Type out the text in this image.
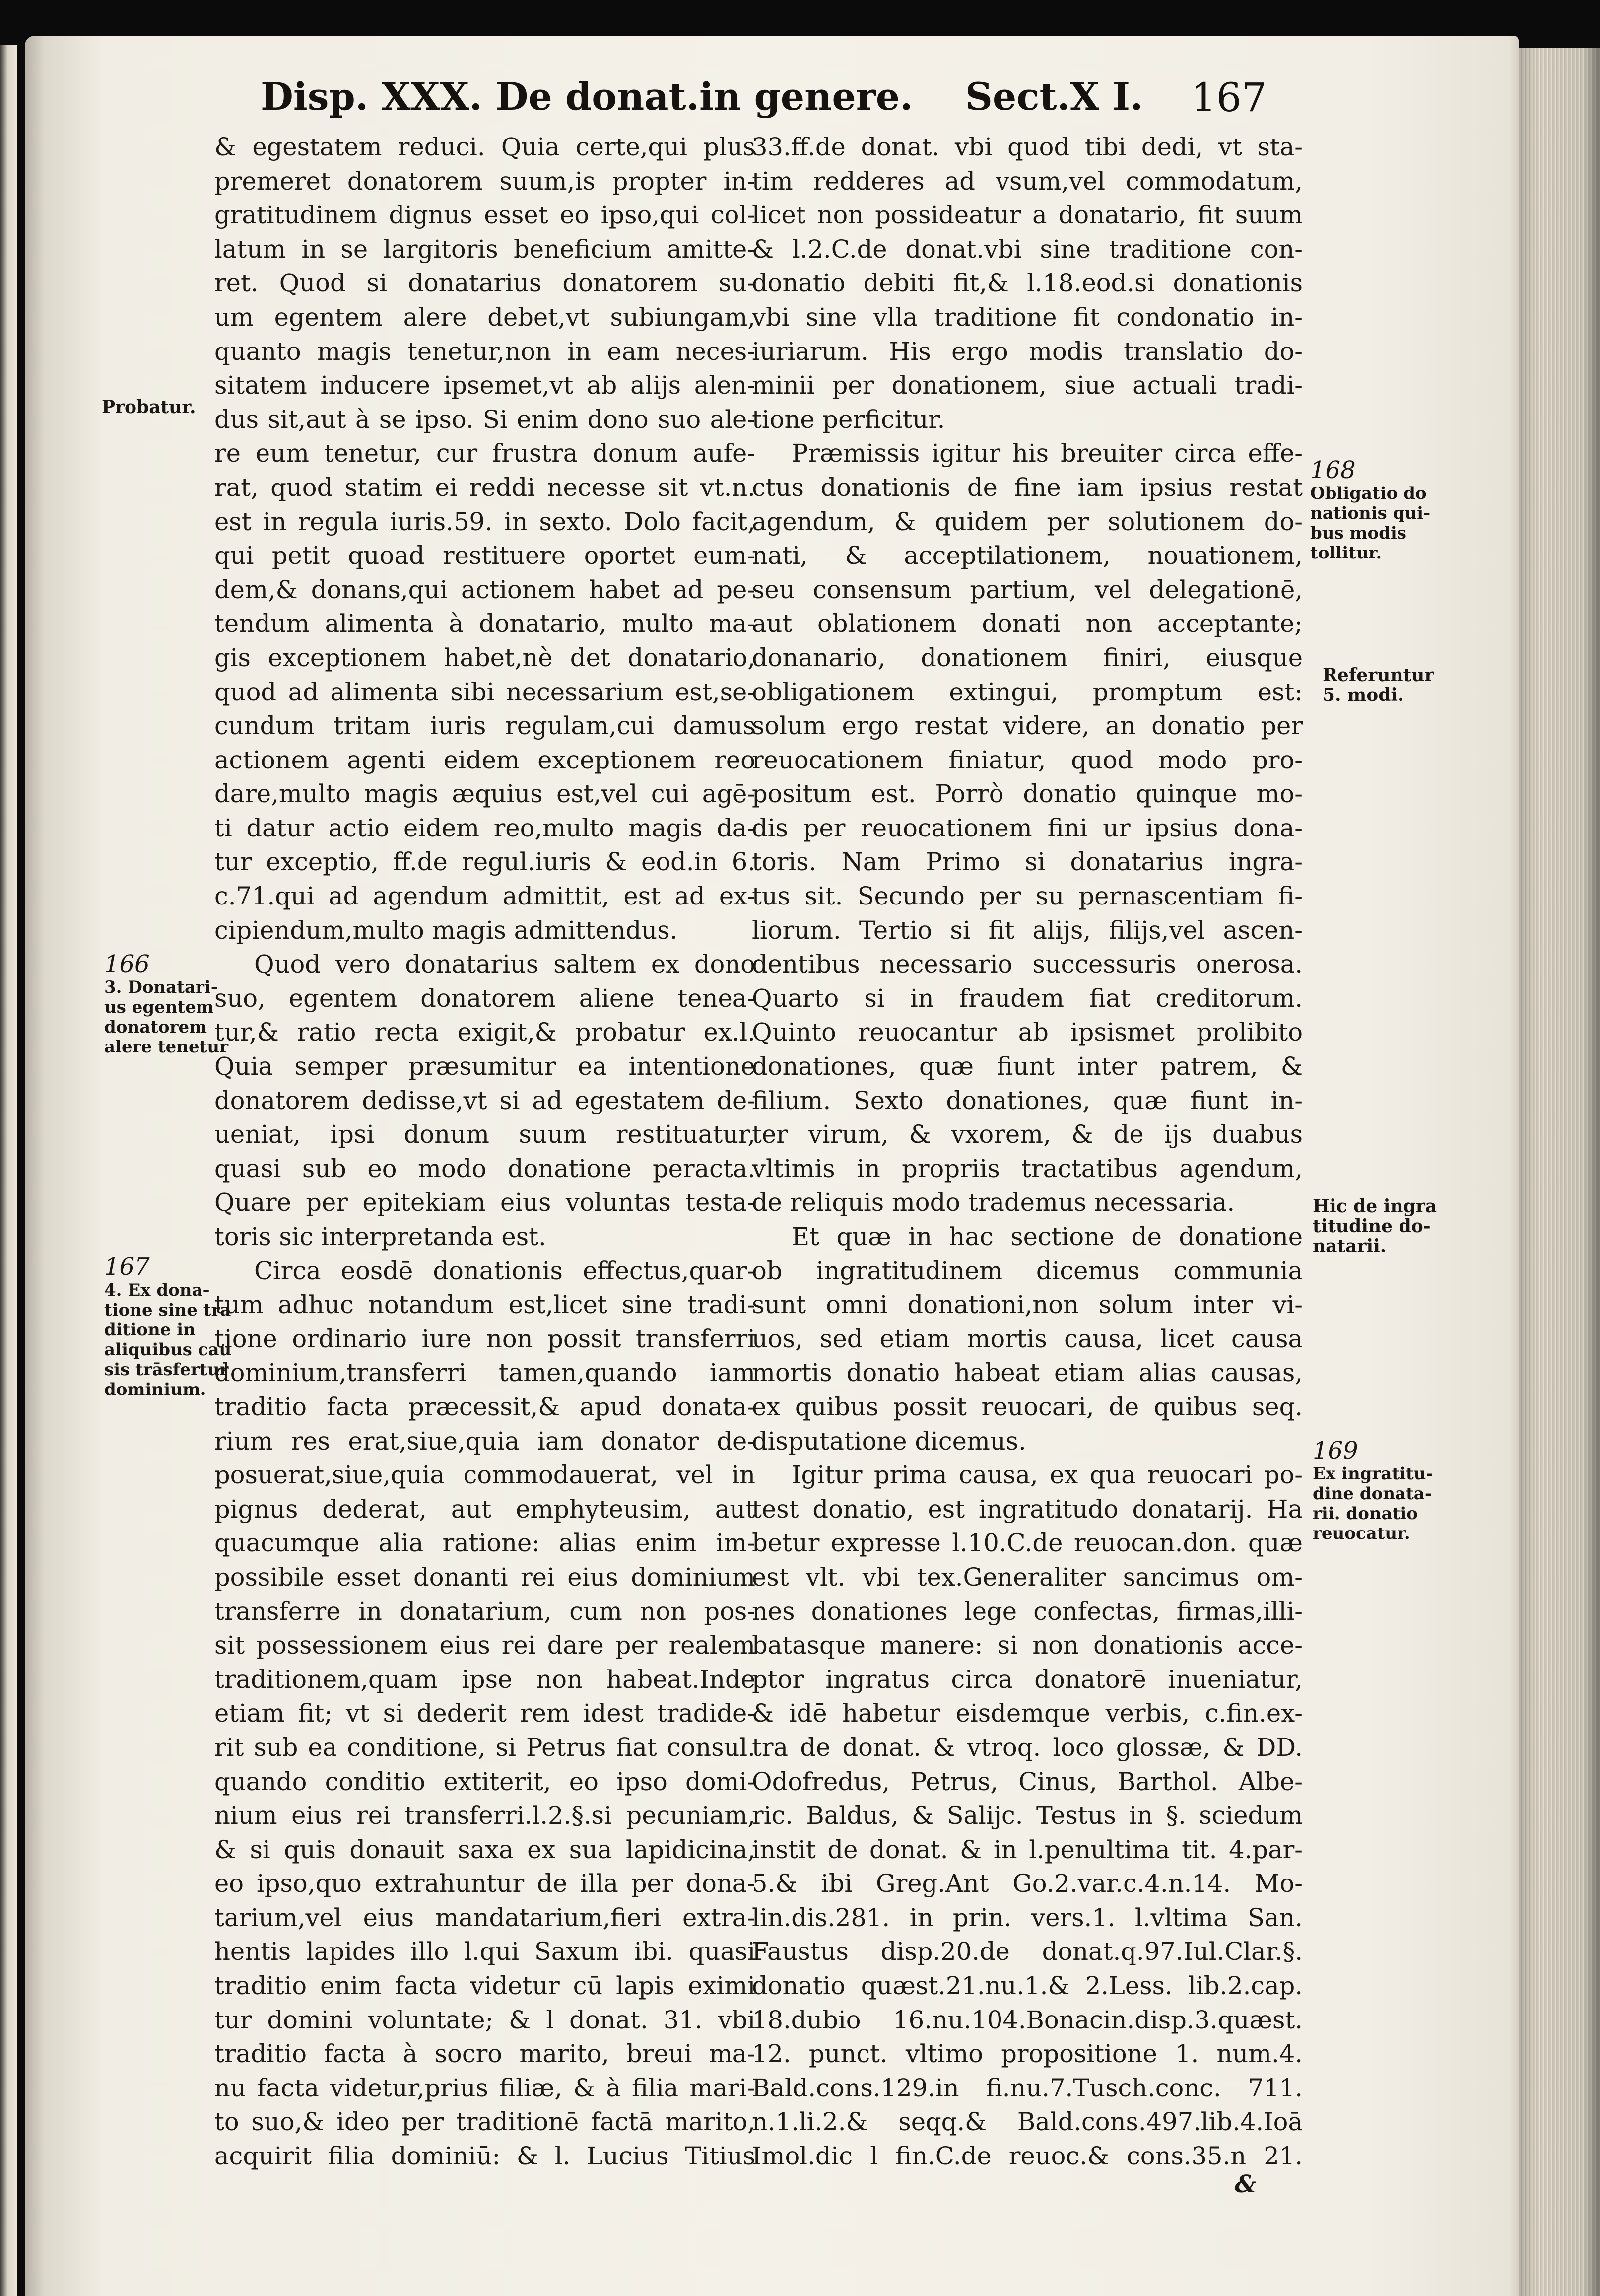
Disp. XXX. De donat.in genere. Sect.X I. 167
& egestatem reduci. Quia certe,qui plus
premeret donatorem suum,is propter in-
gratitudinem dignus esset eo ipso,qui col-
latum in se largitoris beneficium amitte-
ret. Quod si donatarius donatorem su-
um egentem alere debet,vt subiungam,
quanto magis tenetur,non in eam neces-
sitatem inducere ipsemet,vt ab alijs alen-
dus sit,aut à se ipso. Si enim dono suo ale-
re eum tenetur, cur frustra donum aufe-
rat, quod statim ei reddi necesse sit vt.n.
est in regula iuris.59. in sexto. Dolo facit,
qui petit quoad restituere oportet eum-
dem,& donans,qui actionem habet ad pe-
tendum alimenta à donatario, multo ma-
gis exceptionem habet,nè det donatario,
quod ad alimenta sibi necessarium est,se-
cundum tritam iuris regulam,cui damus
actionem agenti eidem exceptionem reo
dare,multo magis æquius est,vel cui agē-
ti datur actio eidem reo,multo magis da-
tur exceptio, ff.de regul.iuris & eod.in 6.
c.71.qui ad agendum admittit, est ad ex-
cipiendum,multo magis admittendus.
Quod vero donatarius saltem ex dono
suo, egentem donatorem aliene tenea-
tur,& ratio recta exigit,& probatur ex.l.
Quia semper præsumitur ea intentione
donatorem dedisse,vt si ad egestatem de-
ueniat, ipsi donum suum restituatur,
quasi sub eo modo donatione peracta.
Quare per epitekiam eius voluntas testa-
toris sic interpretanda est.
Circa eosdē donationis effectus,quar-
tum adhuc notandum est,licet sine tradi-
tione ordinario iure non possit transferri
dominium,transferri tamen,quando iam
traditio facta præcessit,& apud donata-
rium res erat,siue,quia iam donator de-
posuerat,siue,quia commodauerat, vel in
pignus dederat, aut emphyteusim, aut
quacumque alia ratione: alias enim im-
possibile esset donanti rei eius dominium
transferre in donatarium, cum non pos-
sit possessionem eius rei dare per realem
traditionem,quam ipse non habeat.Inde
etiam fit; vt si dederit rem idest tradide-
rit sub ea conditione, si Petrus fiat consul.
quando conditio extiterit, eo ipso domi-
nium eius rei transferri.l.2.§.si pecuniam,
& si quis donauit saxa ex sua lapidicina,
eo ipso,quo extrahuntur de illa per dona-
tarium,vel eius mandatarium,fieri extra-
hentis lapides illo l.qui Saxum ibi. quasi
traditio enim facta videtur cū lapis eximi
tur domini voluntate; & l donat. 31. vbi
traditio facta à socro marito, breui ma-
nu facta videtur,prius filiæ, & à filia mari-
to suo,& ideo per traditionē factā marito,
acquirit filia dominiū: & l. Lucius Titius
33.ff.de donat. vbi quod tibi dedi, vt sta-
tim redderes ad vsum,vel commodatum,
licet non possideatur a donatario, fit suum
& l.2.C.de donat.vbi sine traditione con-
donatio debiti fit,& l.18.eod.si donationis
vbi sine vlla traditione fit condonatio in-
iuriarum. His ergo modis translatio do-
minii per donationem, siue actuali tradi-
tione perficitur.
Præmissis igitur his breuiter circa effe-
ctus donationis de fine iam ipsius restat
agendum, & quidem per solutionem do-
nati, & acceptilationem, nouationem,
seu consensum partium, vel delegationē,
aut oblationem donati non acceptante;
donanario, donationem finiri, eiusque
obligationem extingui, promptum est:
solum ergo restat videre, an donatio per
reuocationem finiatur, quod modo pro-
positum est. Porrò donatio quinque mo-
dis per reuocationem fini ur ipsius dona-
toris. Nam Primo si donatarius ingra-
tus sit. Secundo per su pernascentiam fi-
liorum. Tertio si fit alijs, filijs,vel ascen-
dentibus necessario successuris onerosa.
Quarto si in fraudem fiat creditorum.
Quinto reuocantur ab ipsismet prolibito
donationes, quæ fiunt inter patrem, &
filium. Sexto donationes, quæ fiunt in-
ter virum, & vxorem, & de ijs duabus
vltimis in propriis tractatibus agendum,
de reliquis modo trademus necessaria.
Et quæ in hac sectione de donatione
ob ingratitudinem dicemus communia
sunt omni donationi,non solum inter vi-
uos, sed etiam mortis causa, licet causa
mortis donatio habeat etiam alias causas,
ex quibus possit reuocari, de quibus seq.
disputatione dicemus.
Igitur prima causa, ex qua reuocari po-
test donatio, est ingratitudo donatarij. Ha
betur expresse l.10.C.de reuocan.don. quæ
est vlt. vbi tex.Generaliter sancimus om-
nes donationes lege confectas, firmas,illi-
batasque manere: si non donationis acce-
ptor ingratus circa donatorē inueniatur,
& idē habetur eisdemque verbis, c.fin.ex-
tra de donat. & vtroq. loco glossæ, & DD.
Odofredus, Petrus, Cinus, Barthol. Albe-
ric. Baldus, & Salijc. Testus in §. sciedum
instit de donat. & in l.penultima tit. 4.par-
5.& ibi Greg.Ant Go.2.var.c.4.n.14. Mo-
lin.dis.281. in prin. vers.1. l.vltima San.
Faustus disp.20.de donat.q.97.Iul.Clar.§.
donatio quæst.21.nu.1.& 2.Less. lib.2.cap.
18.dubio 16.nu.104.Bonacin.disp.3.quæst.
12. punct. vltimo propositione 1. num.4.
Bald.cons.129.in fi.nu.7.Tusch.conc. 711.
n.1.li.2.& seqq.& Bald.cons.497.lib.4.Ioā
Imol.dic l fin.C.de reuoc.& cons.35.n 21.
&
Probatur.
166
3. Donatari-
us egentem
donatorem
alere tenetur
167
4. Ex dona-
tione sine tra
ditione in
aliquibus cau
sis trāsfertur
dominium.
168
Obligatio do
nationis qui-
bus modis
tollitur.
Referuntur
5. modi.
Hic de ingra
titudine do-
natarii.
169
Ex ingratitu-
dine donata-
rii. donatio
reuocatur.
